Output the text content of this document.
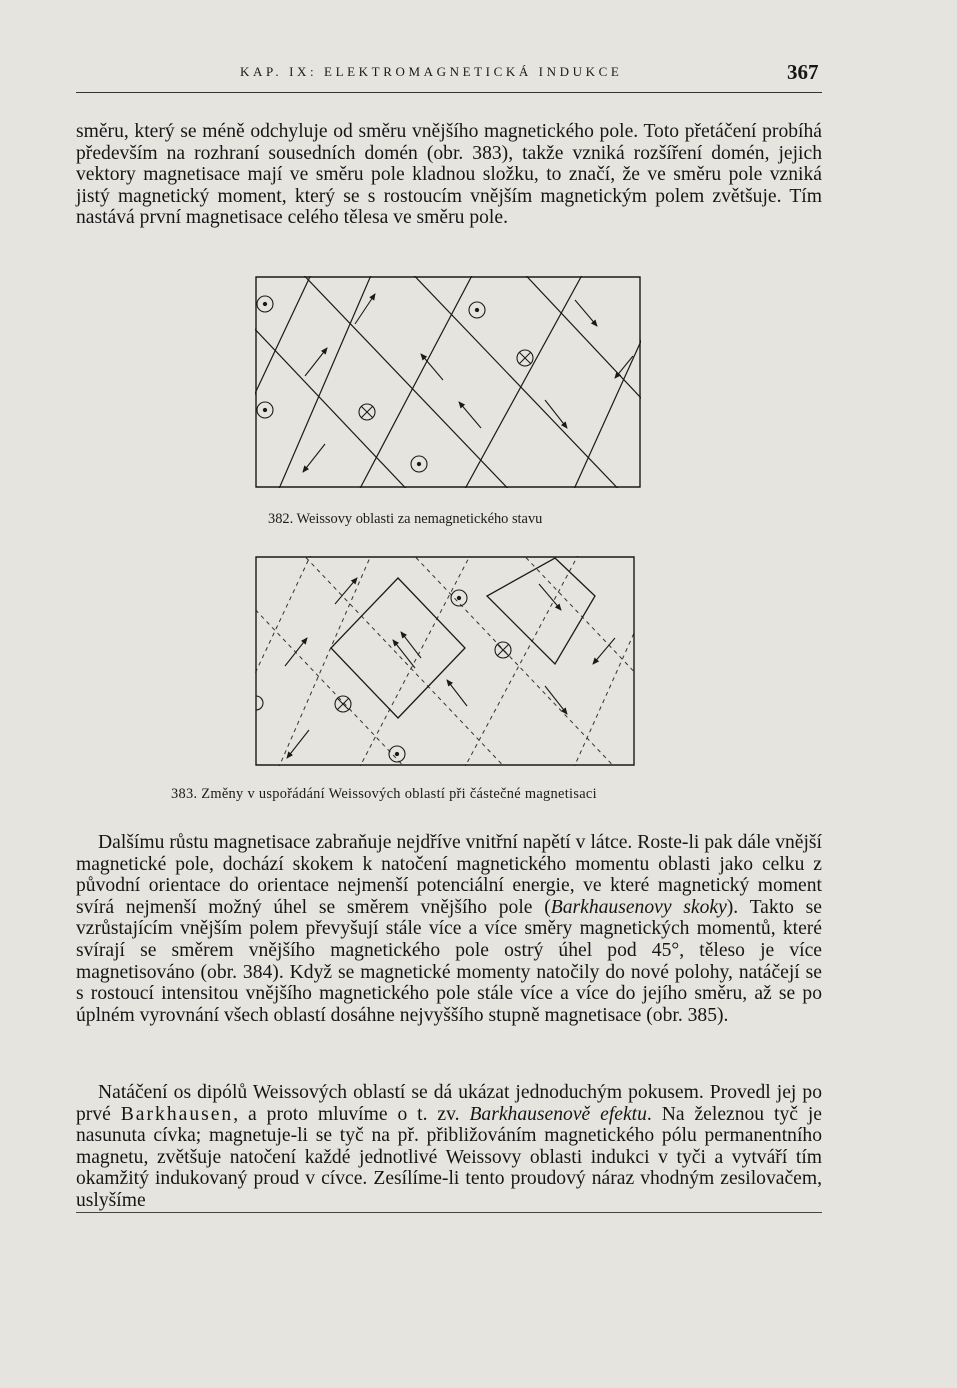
KAP. IX: ELEKTROMAGNETICKÁ INDUKCE	367

směru, který se méně odchyluje od směru vnějšího magnetického pole. Toto přetáčení probíhá především na rozhraní sousedních domén (obr. 383), takže vzniká rozšíření domén, jejich vektory magnetisace mají ve směru pole kladnou složku, to značí, že ve směru pole vzniká jistý magnetický moment, který se s rostoucím vnějším magnetickým polem zvětšuje. Tím nastává první magnetisace celého tělesa ve směru pole.

382. Weissovy oblasti za nemagnetického stavu
383. Změny v uspořádání Weissových oblastí při částečné magnetisaci

Dalšímu růstu magnetisace zabraňuje nejdříve vnitřní napětí v látce. Roste-li pak dále vnější magnetické pole, dochází skokem k natočení magnetického momentu oblasti jako celku z původní orientace do orientace nejmenší potenciální energie, ve které magnetický moment svírá nejmenší možný úhel se směrem vnějšího pole (Barkhausenovy skoky). Takto se vzrůstajícím vnějším polem převyšují stále více a více směry magnetických momentů, které svírají se směrem vnějšího magnetického pole ostrý úhel pod 45°, těleso je více magnetisováno (obr. 384). Když se magnetické momenty natočily do nové polohy, natáčejí se s rostoucí intensitou vnějšího magnetického pole stále více a více do jejího směru, až se po úplném vyrovnání všech oblastí dosáhne nejvyššího stupně magnetisace (obr. 385).

Natáčení os dipólů Weissových oblastí se dá ukázat jednoduchým pokusem. Provedl jej po prvé Barkhausen, a proto mluvíme o t. zv. Barkhausenově efektu. Na železnou tyč je nasunuta cívka; magnetuje-li se tyč na př. přibližováním magnetického pólu permanentního magnetu, zvětšuje natočení každé jednotlivé Weissovy oblasti indukci v tyči a vytváří tím okamžitý indukovaný proud v cívce. Zesílíme-li tento proudový náraz vhodným zesilovačem, uslyšíme
